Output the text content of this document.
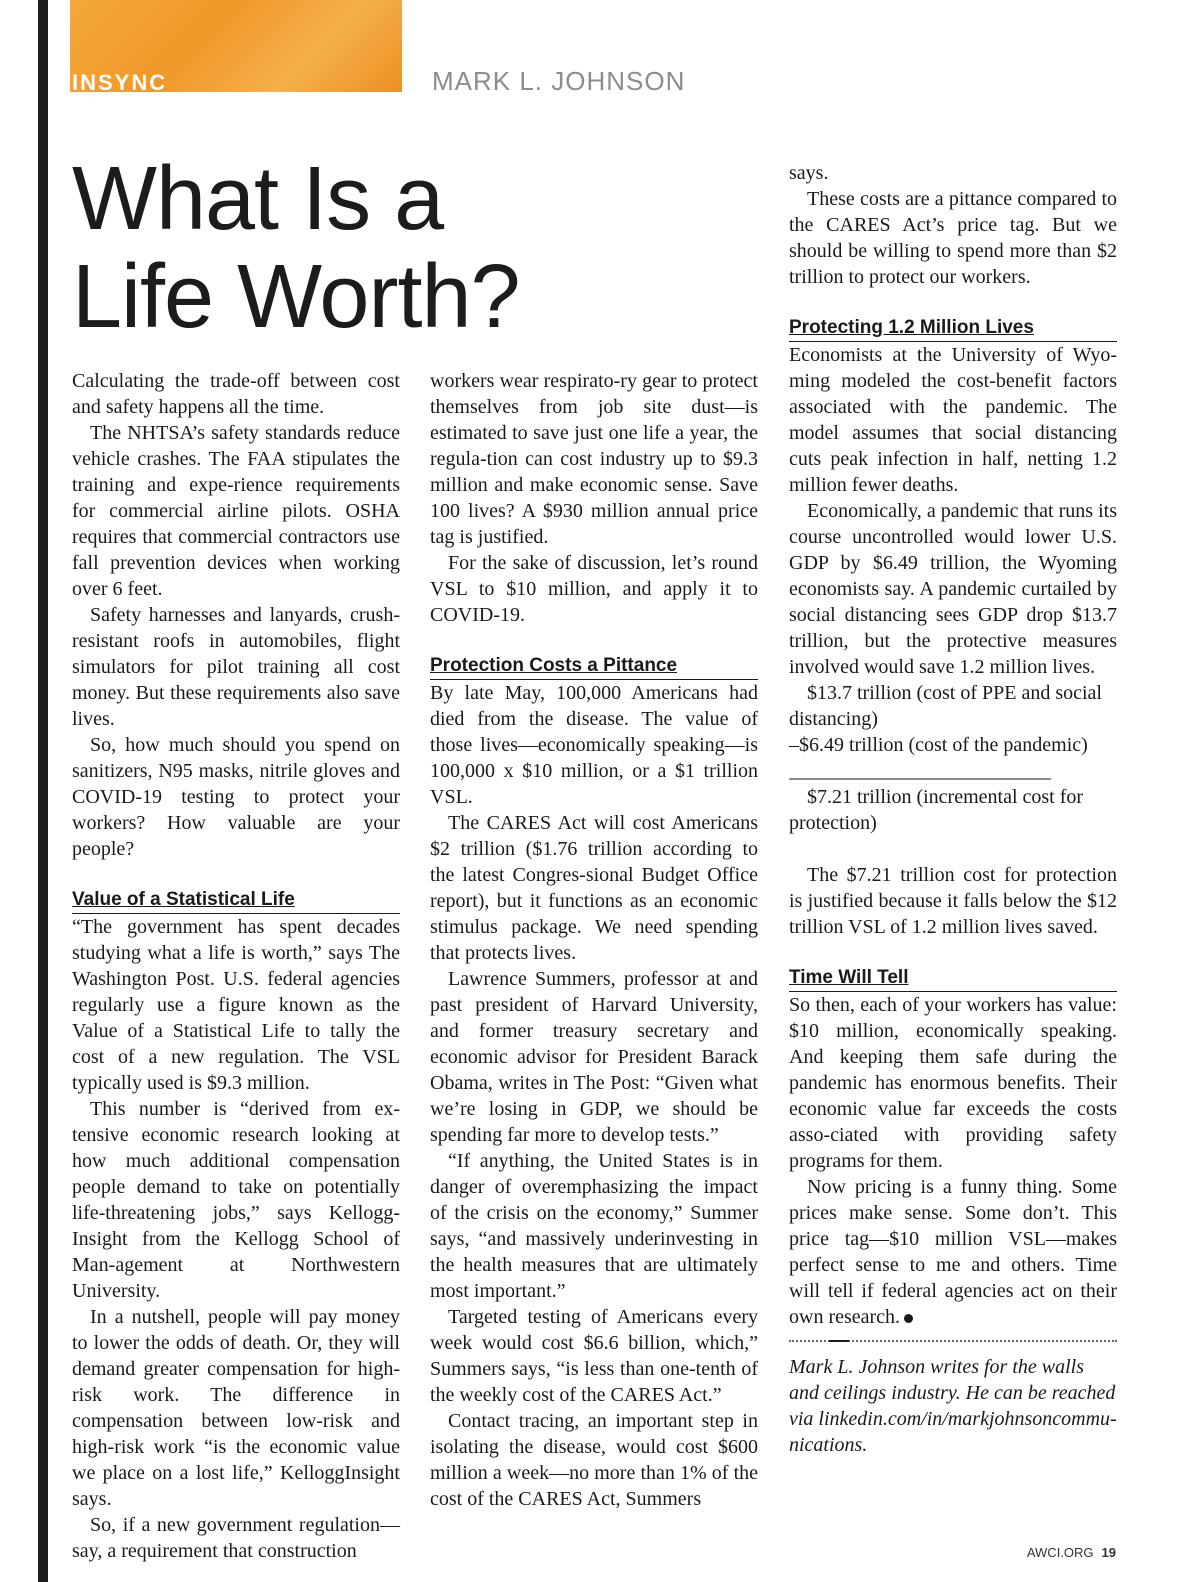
INSYNC	MARK L. JOHNSON
What Is a
Life Worth?

Calculating the trade-off between cost and safety happens all the time.

The NHTSA’s safety standards reduce vehicle crashes. The FAA stipulates the training and expe-rience requirements for commercial airline pilots. OSHA requires that commercial contractors use fall prevention devices when working over 6 feet.

Safety harnesses and lanyards, crush-resistant roofs in automobiles, flight simulators for pilot training all cost money. But these requirements also save lives.

So, how much should you spend on sanitizers, N95 masks, nitrile gloves and COVID-19 testing to protect your workers? How valuable are your people?

Value of a Statistical Life

“The government has spent decades studying what a life is worth,” says The Washington Post. U.S. federal agencies regularly use a figure known as the Value of a Statistical Life to tally the cost of a new regulation. The VSL typically used is $9.3 million.

This number is “derived from ex-tensive economic research looking at how much additional compensation people demand to take on potentially life-threatening jobs,” says Kellogg-Insight from the Kellogg School of Man-agement at Northwestern University.

In a nutshell, people will pay money to lower the odds of death. Or, they will demand greater compensation for high-risk work. The difference in compensation between low-risk and high-risk work “is the economic value we place on a lost life,” KelloggInsight says.

So, if a new government regulation—say, a requirement that construction

workers wear respirato-ry gear to protect themselves from job site dust—is estimated to save just one life a year, the regula-tion can cost industry up to $9.3 million and make economic sense. Save 100 lives? A $930 million annual price tag is justified.

For the sake of discussion, let’s round VSL to $10 million, and apply it to COVID-19.

Protection Costs a Pittance

By late May, 100,000 Americans had died from the disease. The value of those lives—economically speaking—is 100,000 x $10 million, or a $1 trillion VSL.

The CARES Act will cost Americans $2 trillion ($1.76 trillion according to the latest Congres-sional Budget Office report), but it functions as an economic stimulus package. We need spending that protects lives.

Lawrence Summers, professor at and past president of Harvard University, and former treasury secretary and economic advisor for President Barack Obama, writes in The Post: “Given what we’re losing in GDP, we should be spending far more to develop tests.”

“If anything, the United States is in danger of overemphasizing the impact of the crisis on the economy,” Summer says, “and massively underinvesting in the health measures that are ultimately most important.”

Targeted testing of Americans every week would cost $6.6 billion, which,” Summers says, “is less than one-tenth of the weekly cost of the CARES Act.”

Contact tracing, an important step in isolating the disease, would cost $600 million a week—no more than 1% of the cost of the CARES Act, Summers

says.

These costs are a pittance compared to the CARES Act’s price tag. But we should be willing to spend more than $2 trillion to protect our workers.

Protecting 1.2 Million Lives

Economists at the University of Wyo-ming modeled the cost-benefit factors associated with the pandemic. The model assumes that social distancing cuts peak infection in half, netting 1.2 million fewer deaths.

Economically, a pandemic that runs its course uncontrolled would lower U.S. GDP by $6.49 trillion, the Wyoming economists say. A pandemic curtailed by social distancing sees GDP drop $13.7 trillion, but the protective measures involved would save 1.2 million lives.

$13.7 trillion (cost of PPE and social distancing)

–$6.49 trillion (cost of the pandemic)

_____________________________

$7.21 trillion (incremental cost for protection)

The $7.21 trillion cost for protection is justified because it falls below the $12 trillion VSL of 1.2 million lives saved.

Time Will Tell

So then, each of your workers has value: $10 million, economically speaking. And keeping them safe during the pandemic has enormous benefits. Their economic value far exceeds the costs asso-ciated with providing safety programs for them.

Now pricing is a funny thing. Some prices make sense. Some don’t. This price tag—$10 million VSL—makes perfect sense to me and others. Time will tell if federal agencies act on their own research.

Mark L. Johnson writes for the walls and ceilings industry. He can be reached via linkedin.com/in/markjohnsoncommu-nications.

AWCI.ORG 19
